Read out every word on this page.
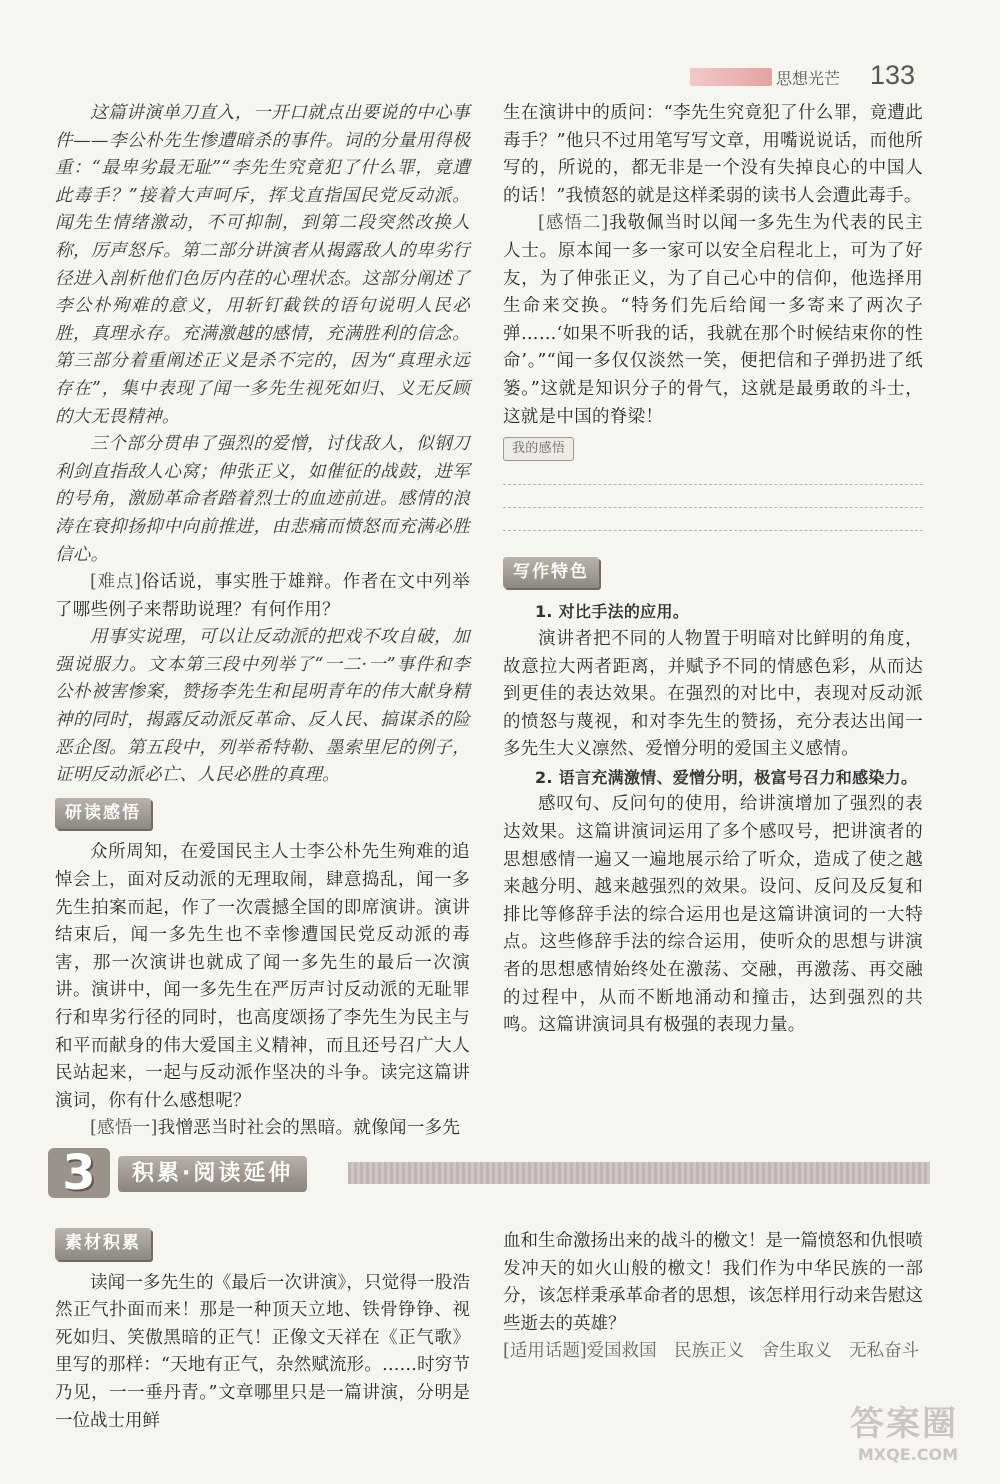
思想光芒 133

这篇讲演单刀直入，一开口就点出要说的中心事件——李公朴先生惨遭暗杀的事件。词的分量用得极重：“最卑劣最无耻”“李先生究竟犯了什么罪，竟遭此毒手？”接着大声呵斥，挥戈直指国民党反动派。闻先生情绪激动，不可抑制，到第二段突然改换人称，厉声怒斥。第二部分讲演者从揭露敌人的卑劣行径进入剖析他们色厉内荏的心理状态。这部分阐述了李公朴殉难的意义，用斩钉截铁的语句说明人民必胜，真理永存。充满激越的感情，充满胜利的信念。第三部分着重阐述正义是杀不完的，因为“真理永远存在”，集中表现了闻一多先生视死如归、义无反顾的大无畏精神。

三个部分贯串了强烈的爱憎，讨伐敌人，似钢刀利剑直指敌人心窝；伸张正义，如催征的战鼓，进军的号角，激励革命者踏着烈士的血迹前进。感情的浪涛在衰抑扬抑中向前推进，由悲痛而愤怒而充满必胜信心。

[难点]俗话说，事实胜于雄辩。作者在文中列举了哪些例子来帮助说理？有何作用？

用事实说理，可以让反动派的把戏不攻自破，加强说服力。文本第三段中列举了“一二·一”事件和李公朴被害惨案，赞扬李先生和昆明青年的伟大献身精神的同时，揭露反动派反革命、反人民、搞谋杀的险恶企图。第五段中，列举希特勒、墨索里尼的例子，证明反动派必亡、人民必胜的真理。

研读感悟

众所周知，在爱国民主人士李公朴先生殉难的追悼会上，面对反动派的无理取闹，肆意捣乱，闻一多先生拍案而起，作了一次震撼全国的即席演讲。演讲结束后，闻一多先生也不幸惨遭国民党反动派的毒害，那一次演讲也就成了闻一多先生的最后一次演讲。演讲中，闻一多先生在严厉声讨反动派的无耻罪行和卑劣行径的同时，也高度颂扬了李先生为民主与和平而献身的伟大爱国主义精神，而且还号召广大人民站起来，一起与反动派作坚决的斗争。读完这篇讲演词，你有什么感想呢？

[感悟一]我憎恶当时社会的黑暗。就像闻一多先

生在演讲中的质问：“李先生究竟犯了什么罪，竟遭此毒手？”他只不过用笔写写文章，用嘴说说话，而他所写的，所说的，都无非是一个没有失掉良心的中国人的话！”我愤怒的就是这样柔弱的读书人会遭此毒手。

[感悟二]我敬佩当时以闻一多先生为代表的民主人士。原本闻一多一家可以安全启程北上，可为了好友，为了伸张正义，为了自己心中的信仰，他选择用生命来交换。“特务们先后给闻一多寄来了两次子弹……‘如果不听我的话，我就在那个时候结束你的性命’。”“闻一多仅仅淡然一笑，便把信和子弹扔进了纸篓。”这就是知识分子的骨气，这就是最勇敢的斗士，这就是中国的脊梁！

我的感悟
写作特色

1. 对比手法的应用。

演讲者把不同的人物置于明暗对比鲜明的角度，故意拉大两者距离，并赋予不同的情感色彩，从而达到更佳的表达效果。在强烈的对比中，表现对反动派的愤怒与蔑视，和对李先生的赞扬，充分表达出闻一多先生大义凛然、爱憎分明的爱国主义感情。

2. 语言充满激情、爱憎分明，极富号召力和感染力。

感叹句、反问句的使用，给讲演增加了强烈的表达效果。这篇讲演词运用了多个感叹号，把讲演者的思想感情一遍又一遍地展示给了听众，造成了使之越来越分明、越来越强烈的效果。设问、反问及反复和排比等修辞手法的综合运用也是这篇讲演词的一大特点。这些修辞手法的综合运用，使听众的思想与讲演者的思想感情始终处在激荡、交融，再激荡、再交融的过程中，从而不断地涌动和撞击，达到强烈的共鸣。这篇讲演词具有极强的表现力量。

3	积累·阅读延伸
素材积累

读闻一多先生的《最后一次讲演》，只觉得一股浩然正气扑面而来！那是一种顶天立地、铁骨铮铮、视死如归、笑傲黑暗的正气！正像文天祥在《正气歌》里写的那样：“天地有正气，杂然赋流形。……时穷节乃见，一一垂丹青。”文章哪里只是一篇讲演，分明是一位战士用鲜

血和生命激扬出来的战斗的檄文！是一篇愤怒和仇恨喷发冲天的如火山般的檄文！我们作为中华民族的一部分，该怎样秉承革命者的思想，该怎样用行动来告慰这些逝去的英雄？

[适用话题]爱国救国　民族正义　舍生取义　无私奋斗

答案圈
MXQE.COM
